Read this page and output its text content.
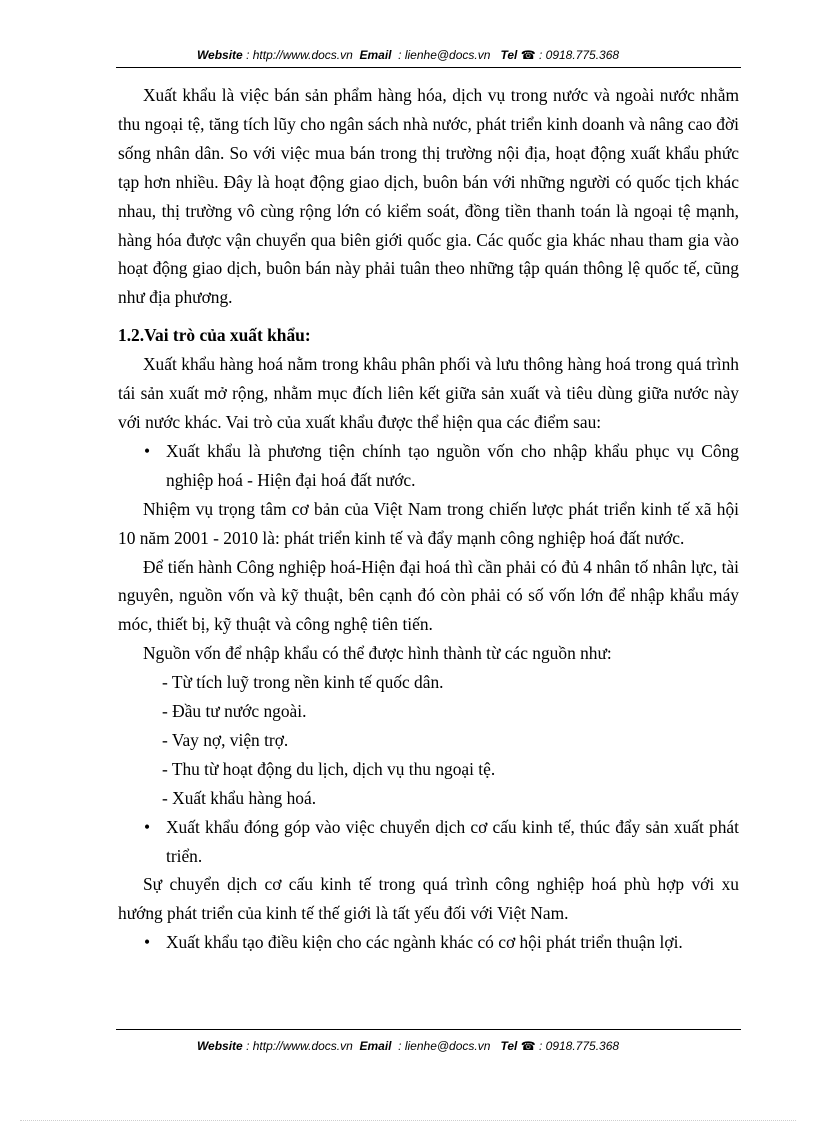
Website : http://www.docs.vn Email  : lienhe@docs.vn Tel ☎ : 0918.775.368

Xuất khẩu là việc bán sản phẩm hàng hóa, dịch vụ trong nước và ngoài nước nhằm thu ngoại tệ, tăng tích lũy cho ngân sách nhà nước, phát triển kinh doanh và nâng cao đời sống nhân dân. So với việc mua bán trong thị trường nội địa, hoạt động xuất khẩu phức tạp hơn nhiều. Đây là hoạt động giao dịch, buôn bán với những người có quốc tịch khác nhau, thị trường vô cùng rộng lớn có kiểm soát, đồng tiền thanh toán là ngoại tệ mạnh, hàng hóa được vận chuyển qua biên giới quốc gia. Các quốc gia khác nhau tham gia vào hoạt động giao dịch, buôn bán này phải tuân theo những tập quán thông lệ quốc tế, cũng như địa phương.

1.2.Vai trò của xuất khẩu:

Xuất khẩu hàng hoá nằm trong khâu phân phối và lưu thông hàng hoá trong quá trình tái sản xuất mở rộng, nhằm mục đích liên kết giữa sản xuất và tiêu dùng giữa nước này với nước khác. Vai trò của xuất khẩu được thể hiện qua các điểm sau:

• Xuất khẩu là phương tiện chính tạo nguồn vốn cho nhập khẩu phục vụ Công nghiệp hoá - Hiện đại hoá đất nước.

Nhiệm vụ trọng tâm cơ bản của Việt Nam trong chiến lược phát triển kinh tế xã hội 10 năm 2001 - 2010 là: phát triển kinh tế và đẩy mạnh công nghiệp hoá đất nước.

Để tiến hành Công nghiệp hoá-Hiện đại hoá thì cần phải có đủ 4 nhân tố nhân lực, tài nguyên, nguồn vốn và kỹ thuật, bên cạnh đó còn phải có số vốn lớn để nhập khẩu máy móc, thiết bị, kỹ thuật và công nghệ tiên tiến.

Nguồn vốn để nhập khẩu có thể được hình thành từ các nguồn như:

- Từ tích luỹ trong nền kinh tế quốc dân.
- Đầu tư nước ngoài.
- Vay nợ, viện trợ.
- Thu từ hoạt động du lịch, dịch vụ thu ngoại tệ.
- Xuất khẩu hàng hoá.
• Xuất khẩu đóng góp vào việc chuyển dịch cơ cấu kinh tế, thúc đẩy sản xuất phát triển.

Sự chuyển dịch cơ cấu kinh tế trong quá trình công nghiệp hoá phù hợp với xu hướng phát triển của kinh tế thế giới là tất yếu đối với Việt Nam.

• Xuất khẩu tạo điều kiện cho các ngành khác có cơ hội phát triển thuận lợi.
Website : http://www.docs.vn Email  : lienhe@docs.vn Tel ☎ : 0918.775.368
